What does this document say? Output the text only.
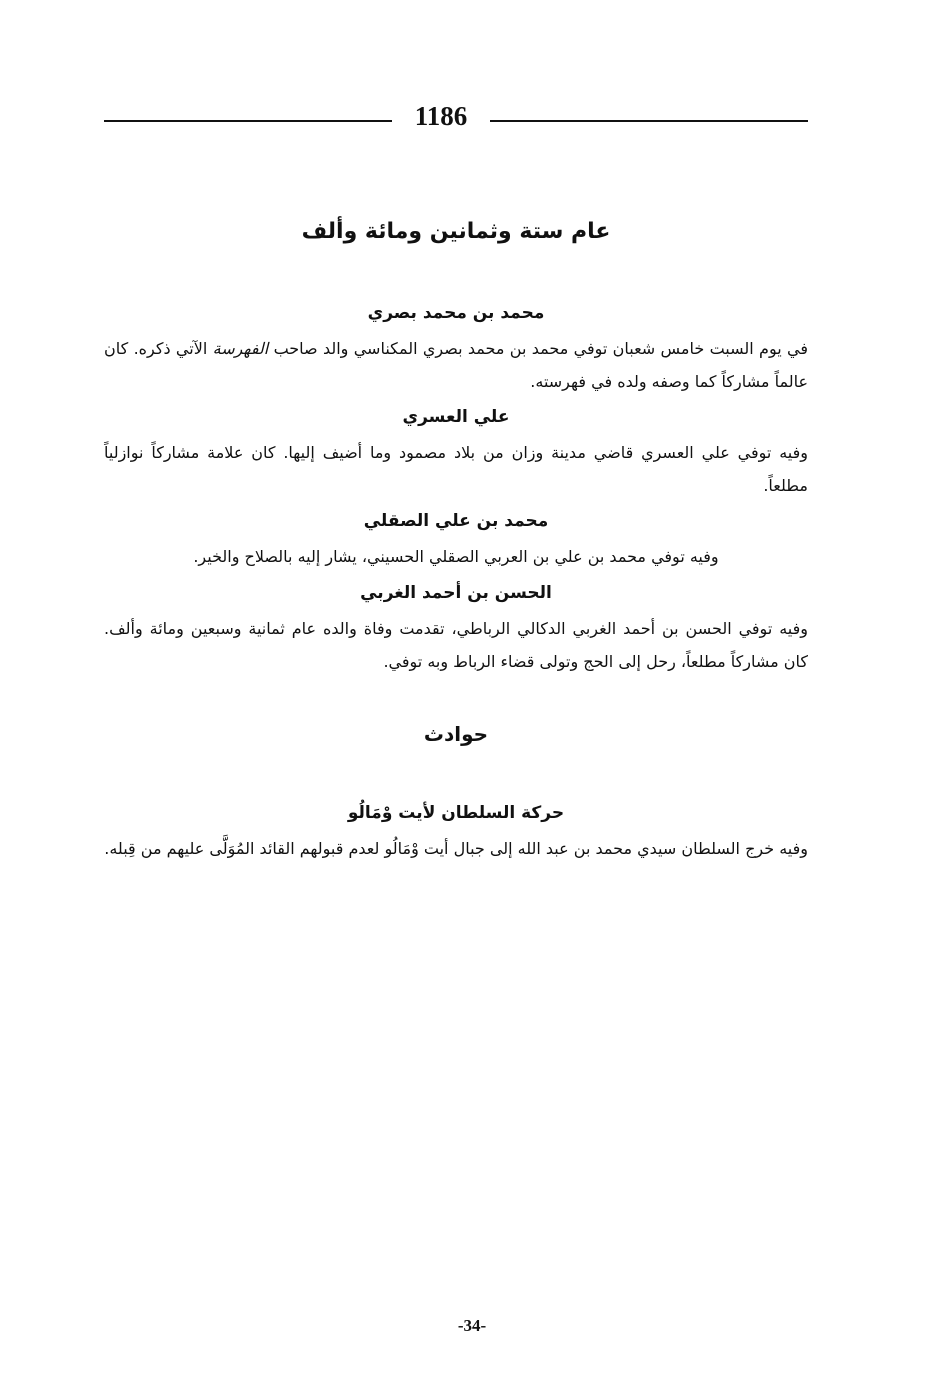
1186
عام ستة وثمانين ومائة وألف
محمد بن محمد بصري
في يوم السبت خامس شعبان توفي محمد بن محمد بصري المكناسي والد صاحب الفهرسة الآتي ذكره. كان عالماً مشاركاً كما وصفه ولده في فهرسته.
علي العسري
وفيه توفي علي العسري قاضي مدينة وزان من بلاد مصمود وما أضيف إليها. كان علامة مشاركاً نوازلياً مطلعاً.
محمد بن علي الصقلي
وفيه توفي محمد بن علي بن العربي الصقلي الحسيني، يشار إليه بالصلاح والخير.
الحسن بن أحمد الغربي
وفيه توفي الحسن بن أحمد الغربي الدكالي الرباطي، تقدمت وفاة والده عام ثمانية وسبعين ومائة وألف. كان مشاركاً مطلعاً، رحل إلى الحج وتولى قضاء الرباط وبه توفي.
حوادث
حركة السلطان لأيت وْمَالُو
وفيه خرج السلطان سيدي محمد بن عبد الله إلى جبال أيت وْمَالُو لعدم قبولهم القائد المُوَلَّى عليهم من قِبله.
-34-
